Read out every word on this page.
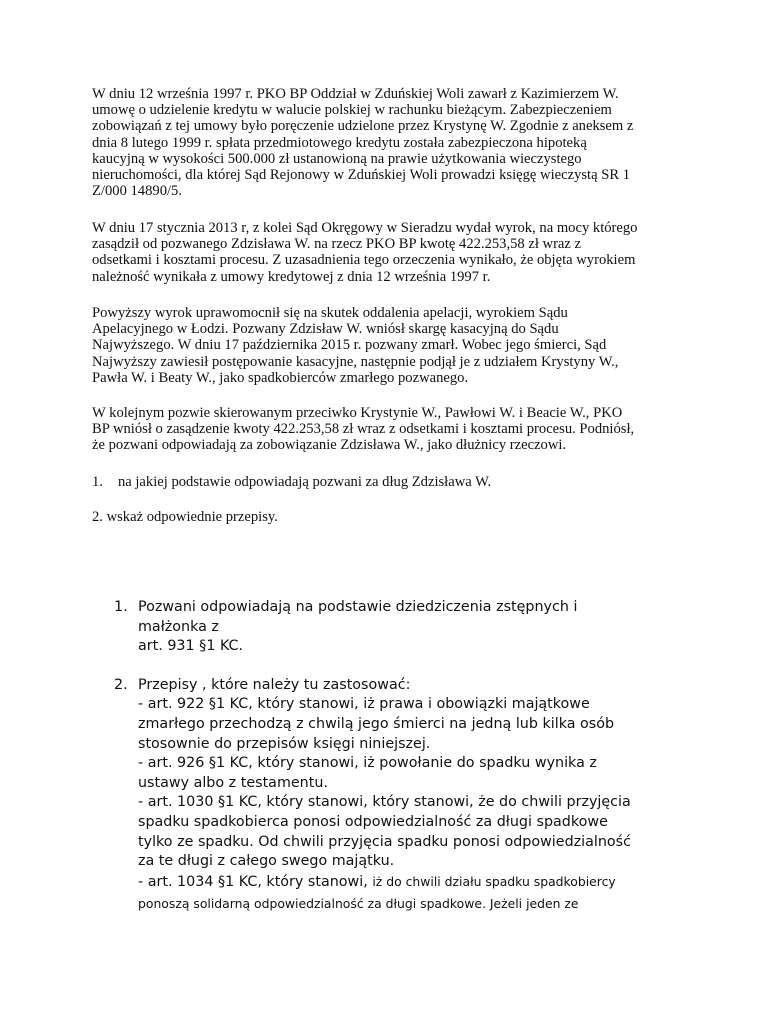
W dniu 12 września 1997 r. PKO BP Oddział w Zduńskiej Woli zawarł z Kazimierzem W.
umowę o udzielenie kredytu w walucie polskiej w rachunku bieżącym. Zabezpieczeniem
zobowiązań z tej umowy było poręczenie udzielone przez Krystynę W. Zgodnie z aneksem z
dnia 8 lutego 1999 r. spłata przedmiotowego kredytu została zabezpieczona hipoteką
kaucyjną w wysokości 500.000 zł ustanowioną na prawie użytkowania wieczystego
nieruchomości, dla której Sąd Rejonowy w Zduńskiej Woli prowadzi księgę wieczystą SR 1
Z/000 14890/5.

W dniu 17 stycznia 2013 r, z kolei Sąd Okręgowy w Sieradzu wydał wyrok, na mocy którego
zasądził od pozwanego Zdzisława W. na rzecz PKO BP kwotę 422.253,58 zł wraz z
odsetkami i kosztami procesu. Z uzasadnienia tego orzeczenia wynikało, że objęta wyrokiem
należność wynikała z umowy kredytowej z dnia 12 września 1997 r.

Powyższy wyrok uprawomocnił się na skutek oddalenia apelacji, wyrokiem Sądu
Apelacyjnego w Łodzi. Pozwany Zdzisław W. wniósł skargę kasacyjną do Sądu
Najwyższego. W dniu 17 października 2015 r. pozwany zmarł. Wobec jego śmierci, Sąd
Najwyższy zawiesił postępowanie kasacyjne, następnie podjął je z udziałem Krystyny W.,
Pawła W. i Beaty W., jako spadkobierców zmarłego pozwanego.

W kolejnym pozwie skierowanym przeciwko Krystynie W., Pawłowi W. i Beacie W., PKO
BP wniósł o zasądzenie kwoty 422.253,58 zł wraz z odsetkami i kosztami procesu. Podniósł,
że pozwani odpowiadają za zobowiązanie Zdzisława W., jako dłużnicy rzeczowi.

1. na jakiej podstawie odpowiadają pozwani za dług Zdzisława W.

2. wskaż odpowiednie przepisy.

1. Pozwani odpowiadają na podstawie dziedziczenia zstępnych i
małżonka z
art. 931 §1 KC.
2. Przepisy , które należy tu zastosować:
- art. 922 §1 KC, który stanowi, iż prawa i obowiązki majątkowe
zmarłego przechodzą z chwilą jego śmierci na jedną lub kilka osób
stosownie do przepisów księgi niniejszej.
- art. 926 §1 KC, który stanowi, iż powołanie do spadku wynika z
ustawy albo z testamentu.
- art. 1030 §1 KC, który stanowi, który stanowi, że do chwili przyjęcia
spadku spadkobierca ponosi odpowiedzialność za długi spadkowe
tylko ze spadku. Od chwili przyjęcia spadku ponosi odpowiedzialność
za te długi z całego swego majątku.
- art. 1034 §1 KC, który stanowi, iż do chwili działu spadku spadkobiercy
ponoszą solidarną odpowiedzialność za długi spadkowe. Jeżeli jeden ze
